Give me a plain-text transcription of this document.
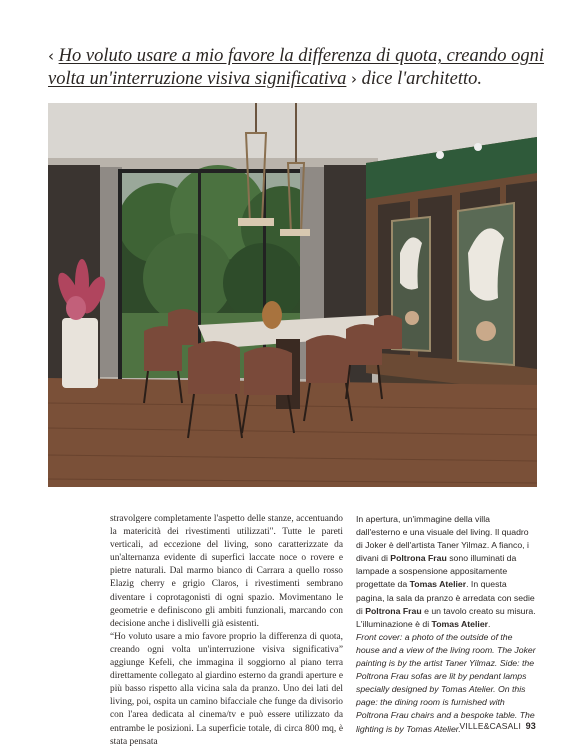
‹ Ho voluto usare a mio favore la differenza di quota, creando ogni
volta un'interruzione visiva significativa › dice l'architetto.

stravolgere completamente l'aspetto delle stanze, accentuando la matericità dei rivestimenti utilizzati". Tutte le pareti verticali, ad eccezione del living, sono caratterizzate da un'alternanza evidente di superfici laccate noce o rovere e pietre naturali. Dal marmo bianco di Carrara a quello rosso Elazig cherry e grigio Claros, i rivestimenti sembrano diventare i coprotagonisti di ogni spazio. Movimentano le geometrie e definiscono gli ambiti funzionali, marcando con decisione anche i dislivelli già esistenti.

“Ho voluto usare a mio favore proprio la differenza di quota, creando ogni volta un'interruzione visiva significativa” aggiunge Kefeli, che immagina il soggiorno al piano terra direttamente collegato al giardino esterno da grandi aperture e più basso rispetto alla vicina sala da pranzo. Uno dei lati del living, poi, ospita un camino bifacciale che funge da divisorio con l'area dedicata al cinema/tv e può essere utilizzato da entrambe le posizioni. La superficie totale, di circa 800 mq, è stata pensata

In apertura, un'immagine della villa dall'esterno e una visuale del living. Il quadro di Joker è dell'artista Taner Yilmaz. A fianco, i divani di Poltrona Frau sono illuminati da lampade a sospensione appositamente progettate da Tomas Atelier. In questa pagina, la sala da pranzo è arredata con sedie di Poltrona Frau e un tavolo creato su misura. L'illuminazione è di Tomas Atelier.

Front cover: a photo of the outside of the house and a view of the living room. The Joker painting is by the artist Taner Yilmaz. Side: the Poltrona Frau sofas are lit by pendant lamps specially designed by Tomas Atelier. On this page: the dining room is furnished with Poltrona Frau chairs and a bespoke table. The lighting is by Tomas Atelier.

VILLE&CASALI 93
